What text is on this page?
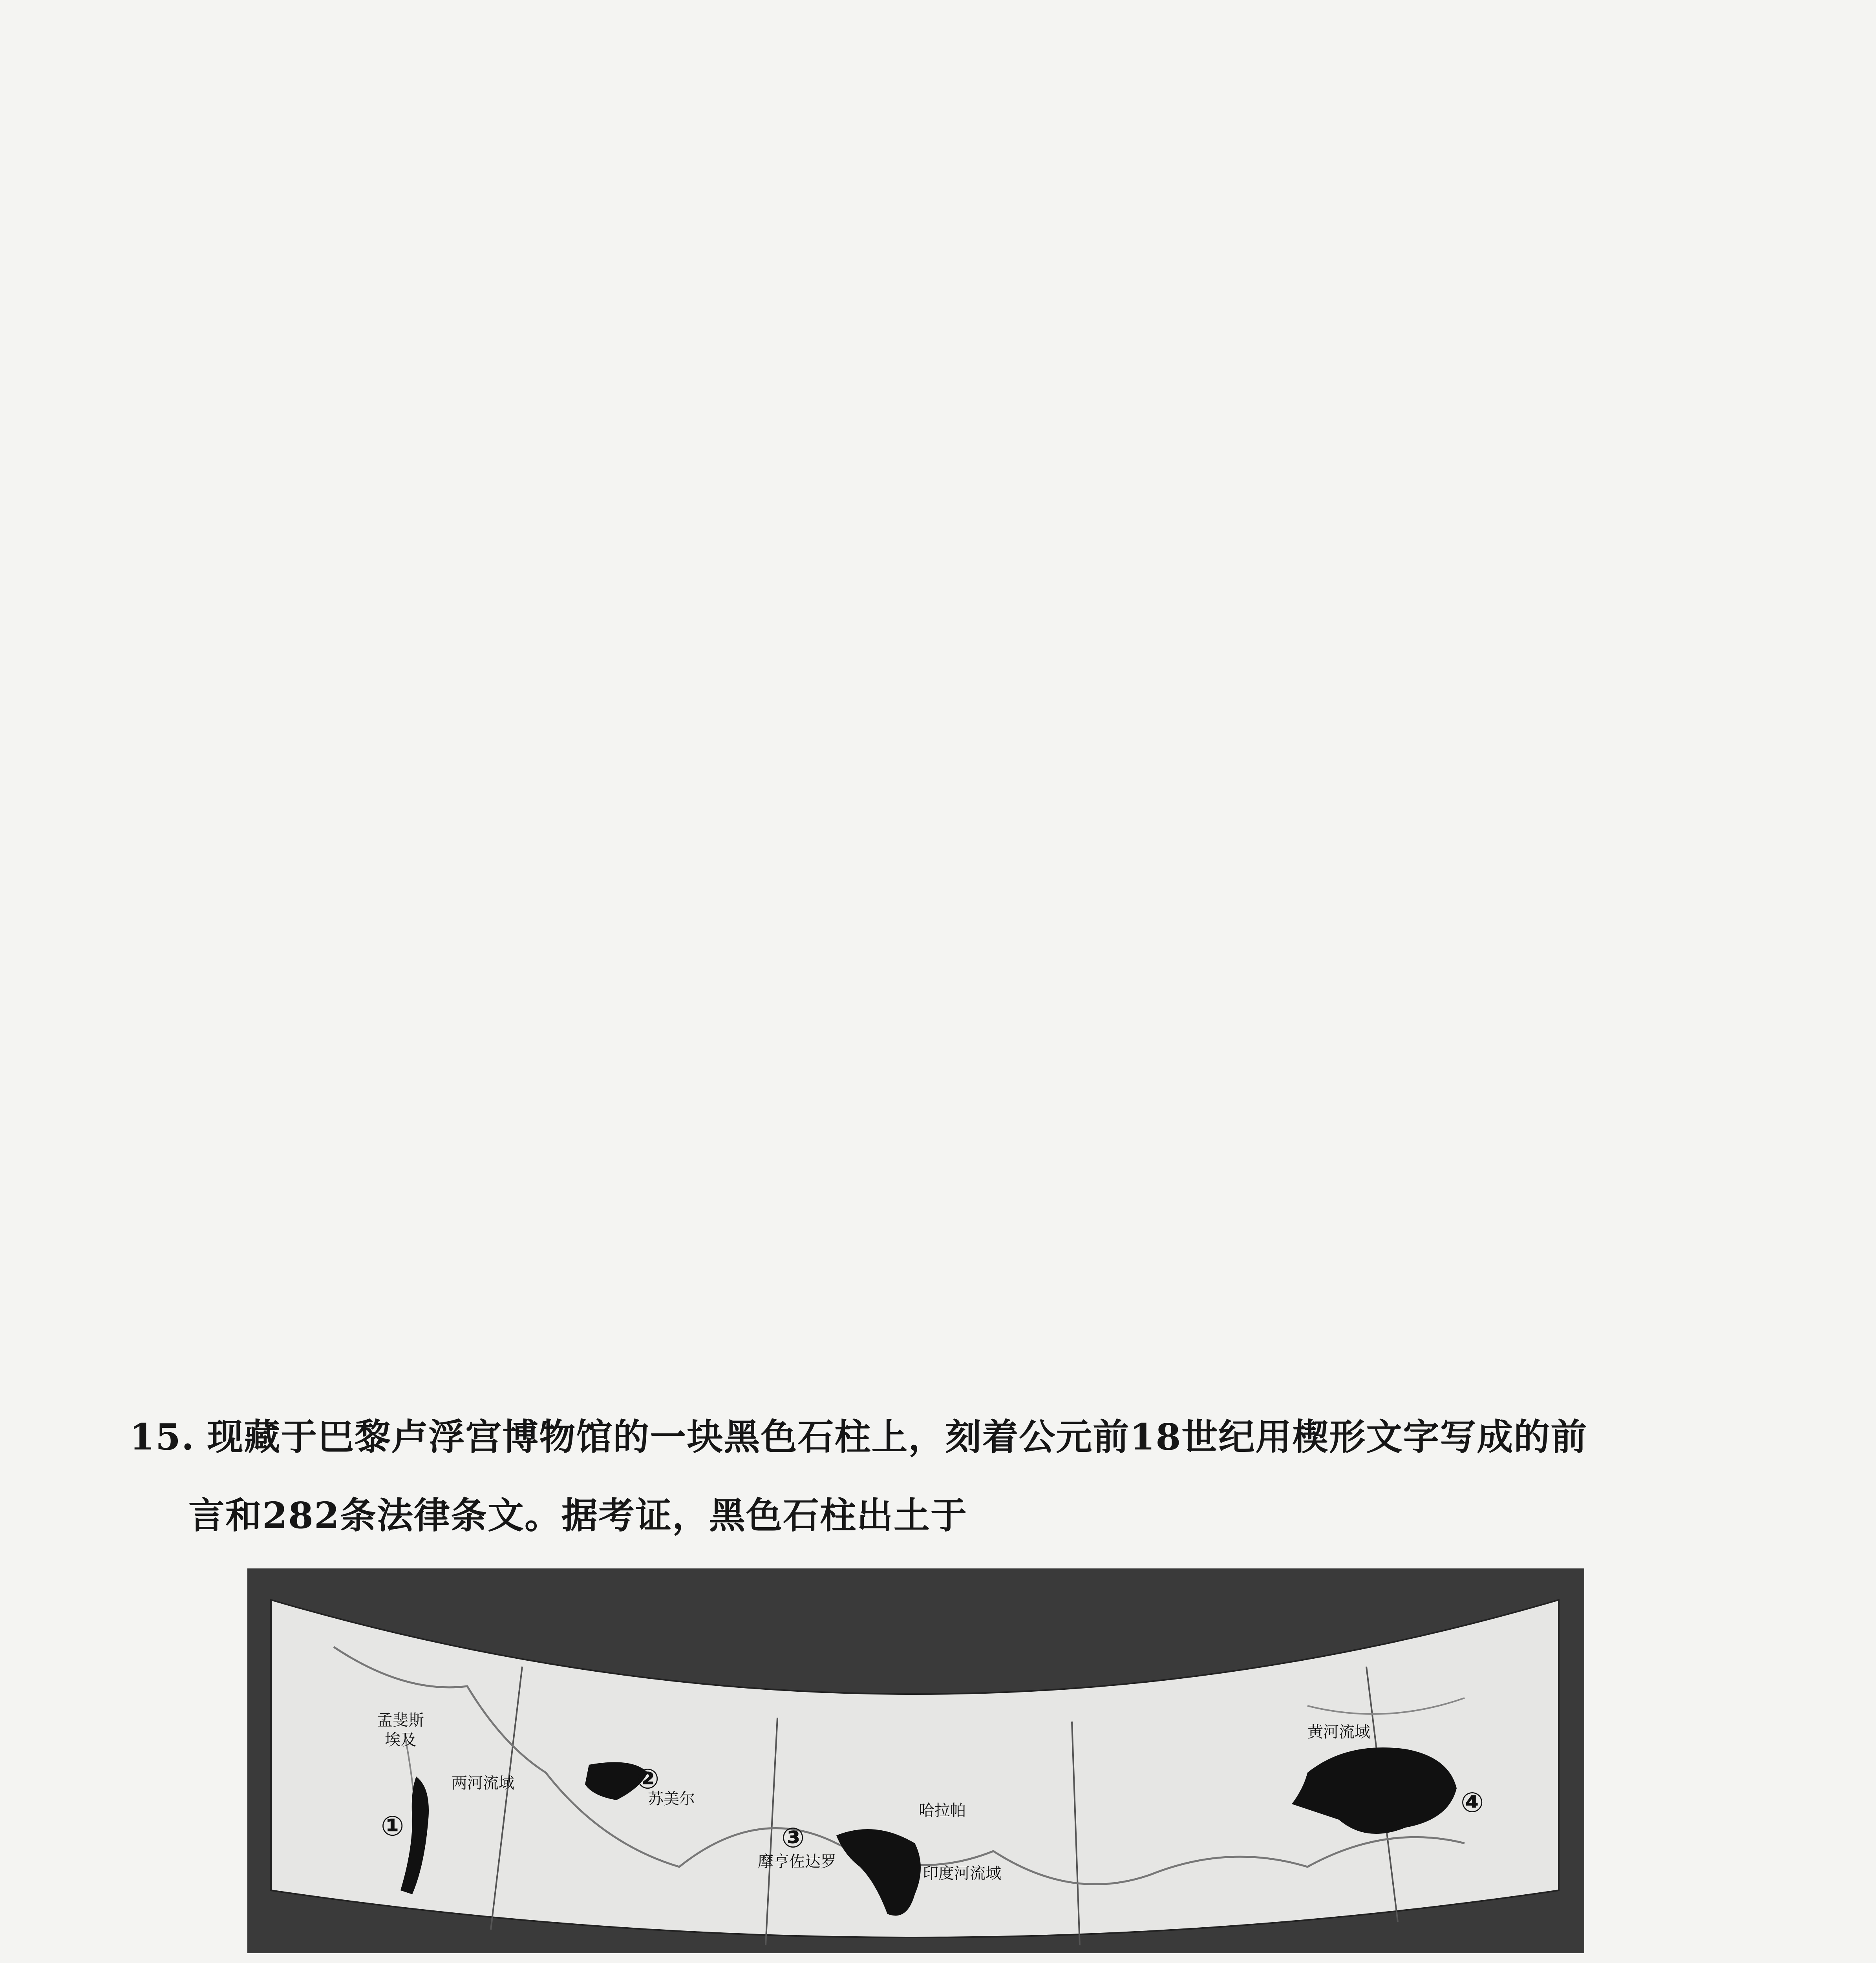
15. 现藏于巴黎卢浮宫博物馆的一块黑色石柱上，刻着公元前18世纪用楔形文字写成的前
言和282条法律条文。据考证，黑色石柱出土于
孟斐斯
埃及
两河流域
苏美尔
哈拉帕
摩亨佐达罗
印度河流域
黄河流域
①
②
③
④
